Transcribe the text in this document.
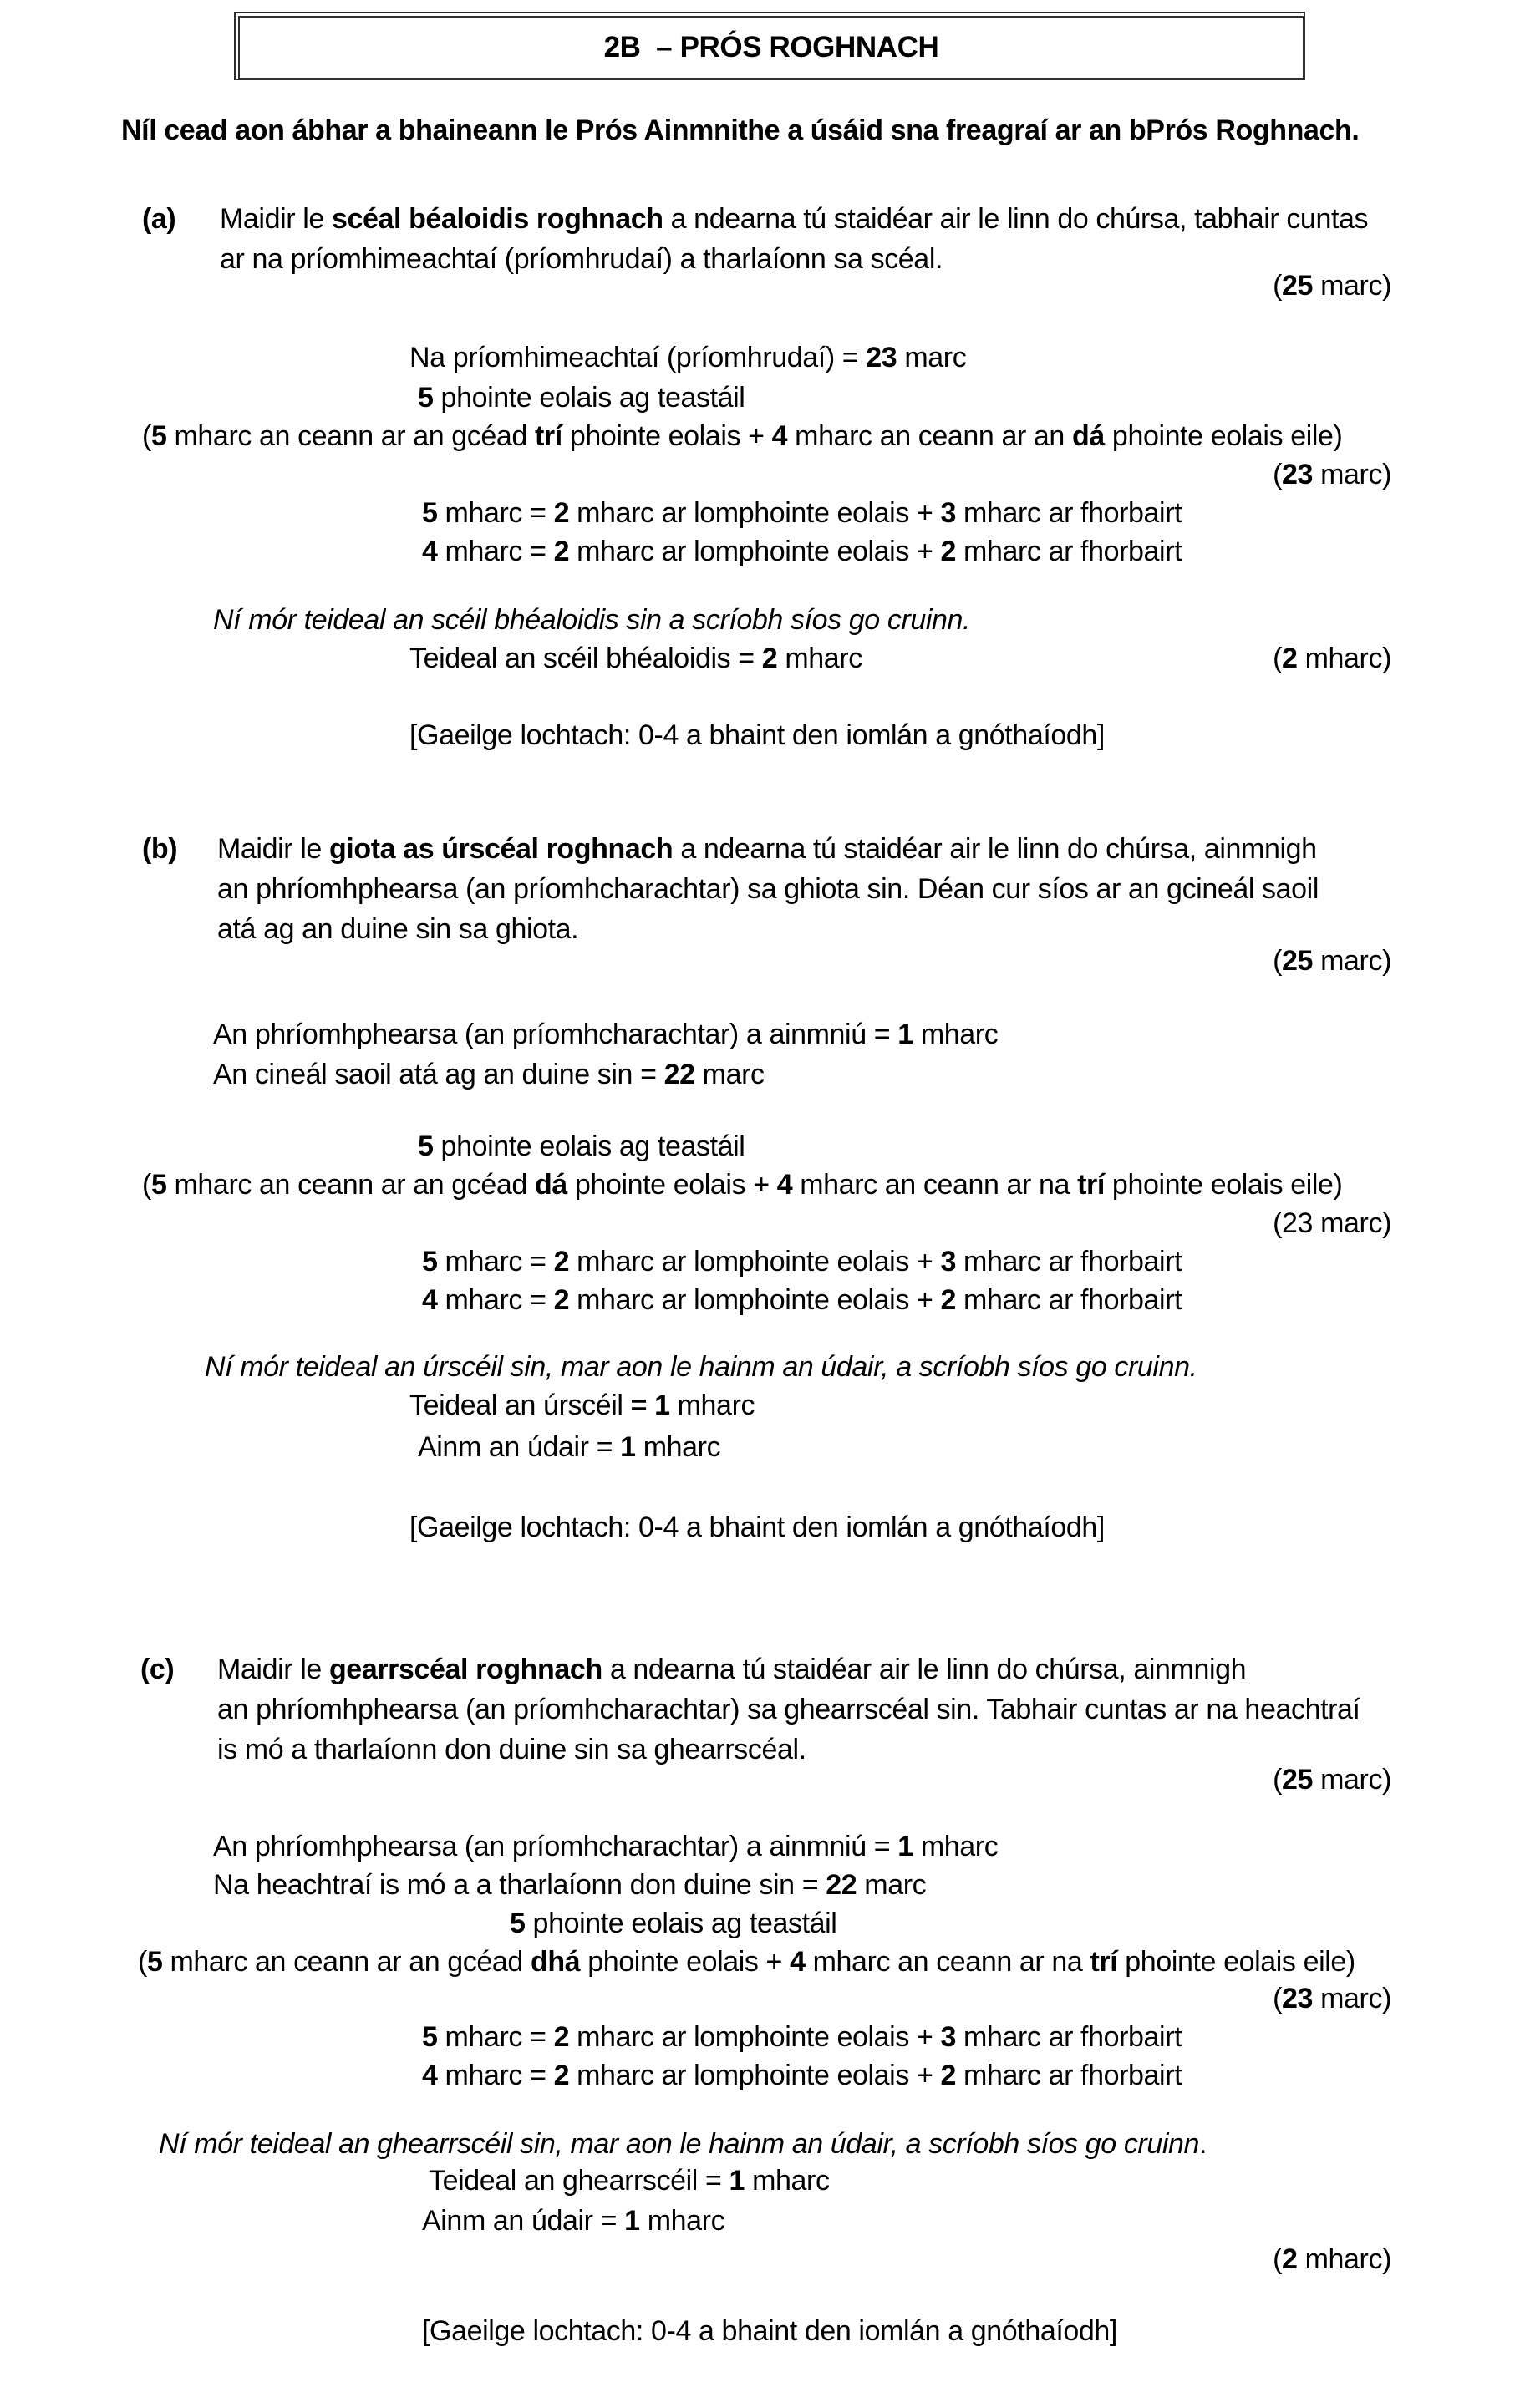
2B  – PRÓS ROGHNACH
Níl cead aon ábhar a bhaineann le Prós Ainmnithe a úsáid sna freagraí ar an bPrós Roghnach.
(a) Maidir le scéal béaloidis roghnach a ndearna tú staidéar air le linn do chúrsa, tabhair cuntas
ar na príomhimeachtaí (príomhrudaí) a tharlaíonn sa scéal.
(25 marc)
Na príomhimeachtaí (príomhrudaí) = 23 marc
5 phointe eolais ag teastáil
(5 mharc an ceann ar an gcéad trí phointe eolais + 4 mharc an ceann ar an dá phointe eolais eile)
(23 marc)
5 mharc = 2 mharc ar lomphointe eolais + 3 mharc ar fhorbairt
4 mharc = 2 mharc ar lomphointe eolais + 2 mharc ar fhorbairt
Ní mór teideal an scéil bhéaloidis sin a scríobh síos go cruinn.
Teideal an scéil bhéaloidis = 2 mharc	(2 mharc)
[Gaeilge lochtach: 0-4 a bhaint den iomlán a gnóthaíodh]
(b) Maidir le giota as úrscéal roghnach a ndearna tú staidéar air le linn do chúrsa, ainmnigh
an phríomhphearsa (an príomhcharachtar) sa ghiota sin. Déan cur síos ar an gcineál saoil
atá ag an duine sin sa ghiota.
(25 marc)
An phríomhphearsa (an príomhcharachtar) a ainmniú = 1 mharc
An cineál saoil atá ag an duine sin = 22 marc
5 phointe eolais ag teastáil
(5 mharc an ceann ar an gcéad dá phointe eolais + 4 mharc an ceann ar na trí phointe eolais eile)
(23 marc)
5 mharc = 2 mharc ar lomphointe eolais + 3 mharc ar fhorbairt
4 mharc = 2 mharc ar lomphointe eolais + 2 mharc ar fhorbairt
Ní mór teideal an úrscéil sin, mar aon le hainm an údair, a scríobh síos go cruinn.
Teideal an úrscéil = 1 mharc
Ainm an údair = 1 mharc
[Gaeilge lochtach: 0-4 a bhaint den iomlán a gnóthaíodh]
(c) Maidir le gearrscéal roghnach a ndearna tú staidéar air le linn do chúrsa, ainmnigh
an phríomhphearsa (an príomhcharachtar) sa ghearrscéal sin. Tabhair cuntas ar na heachtraí
is mó a tharlaíonn don duine sin sa ghearrscéal.
(25 marc)
An phríomhphearsa (an príomhcharachtar) a ainmniú = 1 mharc
Na heachtraí is mó a a tharlaíonn don duine sin = 22 marc
5 phointe eolais ag teastáil
(5 mharc an ceann ar an gcéad dhá phointe eolais + 4 mharc an ceann ar na trí phointe eolais eile)
(23 marc)
5 mharc = 2 mharc ar lomphointe eolais + 3 mharc ar fhorbairt
4 mharc = 2 mharc ar lomphointe eolais + 2 mharc ar fhorbairt
Ní mór teideal an ghearrscéil sin, mar aon le hainm an údair, a scríobh síos go cruinn.
Teideal an ghearrscéil = 1 mharc
Ainm an údair = 1 mharc
(2 mharc)
[Gaeilge lochtach: 0-4 a bhaint den iomlán a gnóthaíodh]
